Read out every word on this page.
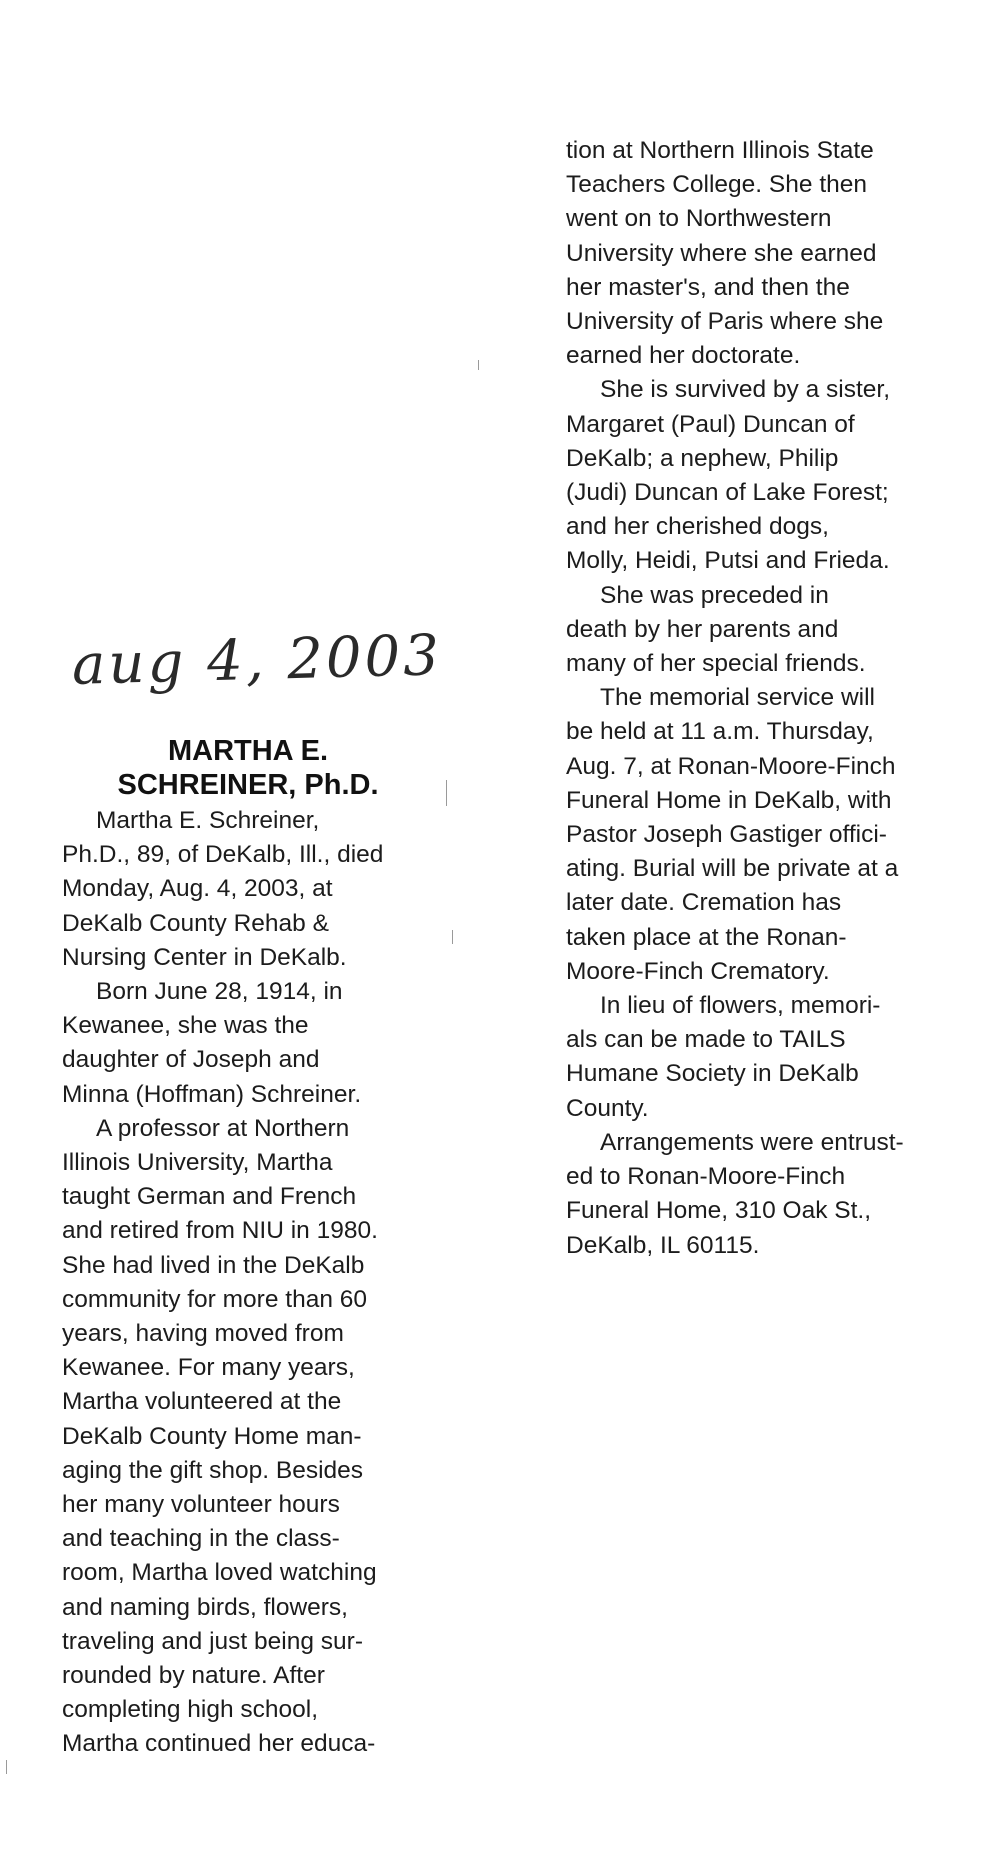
aug 4, 2003
MARTHA E.
SCHREINER, Ph.D.
Martha E. Schreiner,
Ph.D., 89, of DeKalb, Ill., died
Monday, Aug. 4, 2003, at
DeKalb County Rehab &
Nursing Center in DeKalb.
Born June 28, 1914, in
Kewanee, she was the
daughter of Joseph and
Minna (Hoffman) Schreiner.
A professor at Northern
Illinois University, Martha
taught German and French
and retired from NIU in 1980.
She had lived in the DeKalb
community for more than 60
years, having moved from
Kewanee. For many years,
Martha volunteered at the
DeKalb County Home man-
aging the gift shop. Besides
her many volunteer hours
and teaching in the class-
room, Martha loved watching
and naming birds, flowers,
traveling and just being sur-
rounded by nature. After
completing high school,
Martha continued her educa-
tion at Northern Illinois State
Teachers College. She then
went on to Northwestern
University where she earned
her master's, and then the
University of Paris where she
earned her doctorate.
She is survived by a sister,
Margaret (Paul) Duncan of
DeKalb; a nephew, Philip
(Judi) Duncan of Lake Forest;
and her cherished dogs,
Molly, Heidi, Putsi and Frieda.
She was preceded in
death by her parents and
many of her special friends.
The memorial service will
be held at 11 a.m. Thursday,
Aug. 7, at Ronan-Moore-Finch
Funeral Home in DeKalb, with
Pastor Joseph Gastiger offici-
ating. Burial will be private at a
later date. Cremation has
taken place at the Ronan-
Moore-Finch Crematory.
In lieu of flowers, memori-
als can be made to TAILS
Humane Society in DeKalb
County.
Arrangements were entrust-
ed to Ronan-Moore-Finch
Funeral Home, 310 Oak St.,
DeKalb, IL 60115.
